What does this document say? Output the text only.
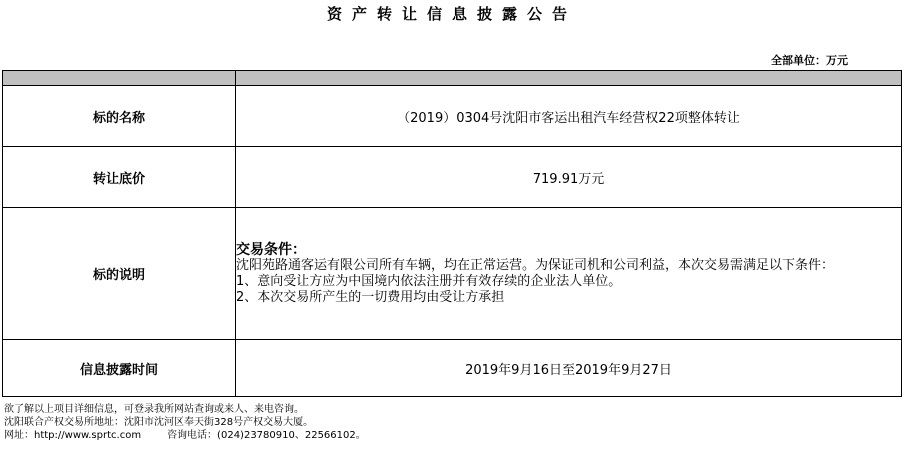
资产转让信息披露公告
全部单位：万元

标的名称	（2019）0304号沈阳市客运出租汽车经营权22项整体转让
转让底价	719.91万元
标的说明	交易条件：
沈阳苑路通客运有限公司所有车辆，均在正常运营。为保证司机和公司利益，本次交易需满足以下条件：
1、意向受让方应为中国境内依法注册并有效存续的企业法人单位。
2、本次交易所产生的一切费用均由受让方承担

信息披露时间	2019年9月16日至2019年9月27日
欲了解以上项目详细信息，可登录我所网站查询或来人、来电咨询。
沈阳联合产权交易所地址：沈阳市沈河区奉天街328号产权交易大厦。
网址：http://www.sprtc.com	咨询电话：(024)23780910、22566102。
